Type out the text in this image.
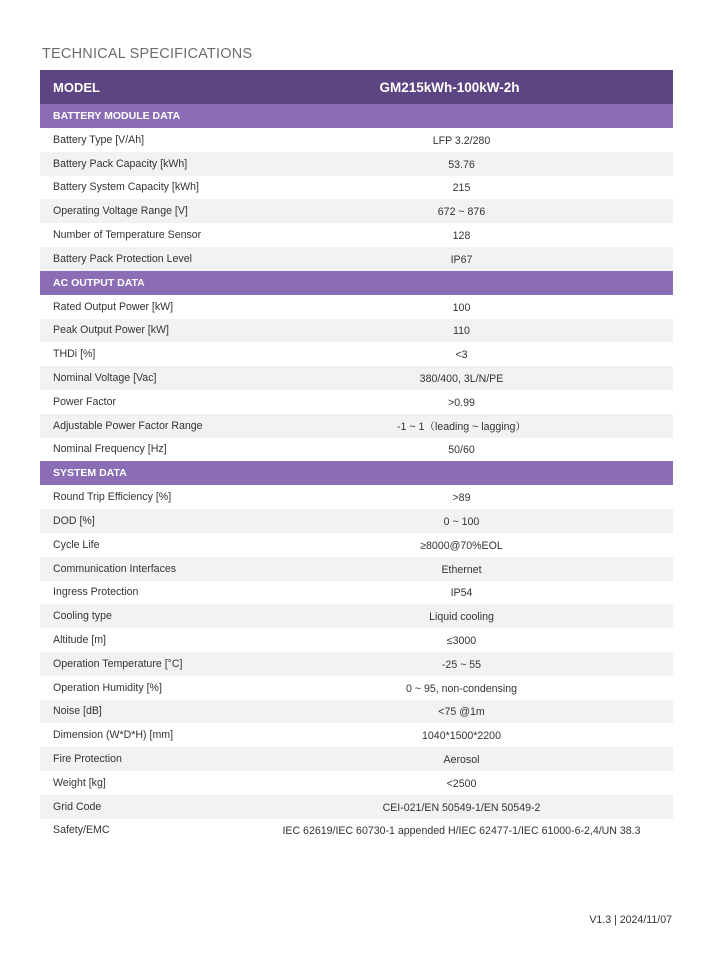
TECHNICAL SPECIFICATIONS
MODEL	GM215kWh-100kW-2h
BATTERY MODULE DATA
Battery Type [V/Ah]	LFP 3.2/280
Battery Pack Capacity [kWh]	53.76
Battery System Capacity [kWh]	215
Operating Voltage Range [V]	672 ~ 876
Number of Temperature Sensor	128
Battery Pack Protection Level	IP67
AC OUTPUT DATA
Rated Output Power [kW]	100
Peak Output Power [kW]	110
THDi [%]	<3
Nominal Voltage [Vac]	380/400, 3L/N/PE
Power Factor	>0.99
Adjustable Power Factor Range	-1 ~ 1（leading ~ lagging）
Nominal Frequency [Hz]	50/60
SYSTEM DATA
Round Trip Efficiency [%]	>89
DOD [%]	0 ~ 100
Cycle Life	≥8000@70%EOL
Communication Interfaces	Ethernet
Ingress Protection	IP54
Cooling type	Liquid cooling
Altitude [m]	≤3000
Operation Temperature [°C]	-25 ~ 55
Operation Humidity [%]	0 ~ 95, non-condensing
Noise [dB]	<75 @1m
Dimension (W*D*H) [mm]	1040*1500*2200
Fire Protection	Aerosol
Weight [kg]	<2500
Grid Code	CEI-021/EN 50549-1/EN 50549-2
Safety/EMC	IEC 62619/IEC 60730-1 appended H/IEC 62477-1/IEC 61000-6-2,4/UN 38.3
V1.3 | 2024/11/07
